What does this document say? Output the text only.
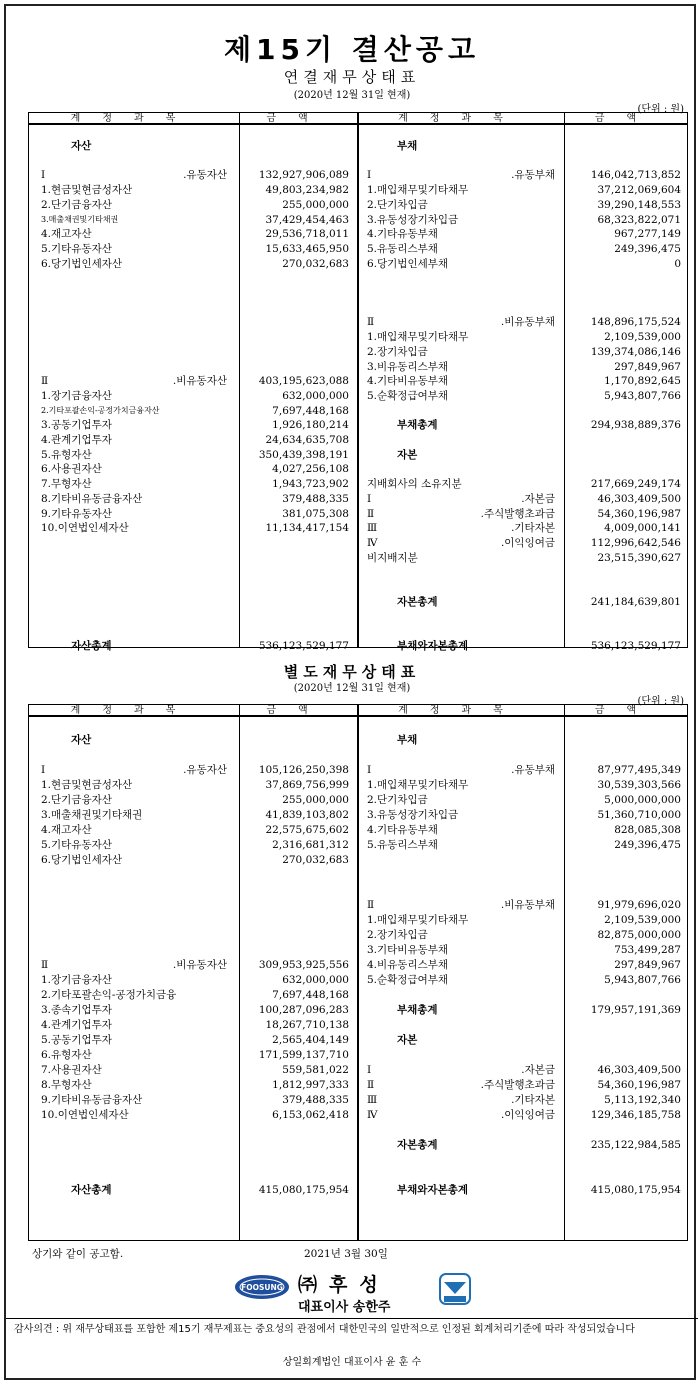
제15기 결산공고
연결재무상태표
(2020년 12월 31일 현재)
(단위 : 원)
계정과목	금액	계정과목	금액
자산
Ⅰ.유동자산	132,927,906,089
1.현금및현금성자산	49,803,234,982
2.단기금융자산	255,000,000
3.매출채권및기타채권	37,429,454,463
4.재고자산	29,536,718,011
5.기타유동자산	15,633,465,950
6.당기법인세자산	270,032,683
Ⅱ.비유동자산	403,195,623,088
1.장기금융자산	632,000,000
2.기타포괄손익-공정가치금융자산	7,697,448,168
3.공동기업투자	1,926,180,214
4.관계기업투자	24,634,635,708
5.유형자산	350,439,398,191
6.사용권자산	4,027,256,108
7.무형자산	1,943,723,902
8.기타비유동금융자산	379,488,335
9.기타유동자산	381,075,308
10.이연법인세자산	11,134,417,154
자산총계	536,123,529,177
부채
Ⅰ.유동부채	146,042,713,852
1.매입채무및기타채무	37,212,069,604
2.단기차입금	39,290,148,553
3.유동성장기차입금	68,323,822,071
4.기타유동부채	967,277,149
5.유동리스부채	249,396,475
6.당기법인세부채	0
Ⅱ.비유동부채	148,896,175,524
1.매입채무및기타채무	2,109,539,000
2.장기차입금	139,374,086,146
3.비유동리스부채	297,849,967
4.기타비유동부채	1,170,892,645
5.순확정급여부채	5,943,807,766
부채총계	294,938,889,376
자본
지배회사의 소유지분	217,669,249,174
Ⅰ.자본금	46,303,409,500
Ⅱ.주식발행초과금	54,360,196,987
Ⅲ.기타자본	4,009,000,141
Ⅳ.이익잉여금	112,996,642,546
비지배지분	23,515,390,627
자본총계	241,184,639,801
부채와자본총계	536,123,529,177
별도재무상태표
(2020년 12월 31일 현재)
(단위 : 원)
계정과목	금액	계정과목	금액
자산
Ⅰ.유동자산	105,126,250,398
1.현금및현금성자산	37,869,756,999
2.단기금융자산	255,000,000
3.매출채권및기타채권	41,839,103,802
4.재고자산	22,575,675,602
5.기타유동자산	2,316,681,312
6.당기법인세자산	270,032,683
Ⅱ.비유동자산	309,953,925,556
1.장기금융자산	632,000,000
2.기타포괄손익-공정가치금융	7,697,448,168
3.종속기업투자	100,287,096,283
4.관계기업투자	18,267,710,138
5.공동기업투자	2,565,404,149
6.유형자산	171,599,137,710
7.사용권자산	559,581,022
8.무형자산	1,812,997,333
9.기타비유동금융자산	379,488,335
10.이연법인세자산	6,153,062,418
자산총계	415,080,175,954
부채
Ⅰ.유동부채	87,977,495,349
1.매입채무및기타채무	30,539,303,566
2.단기차입금	5,000,000,000
3.유동성장기차입금	51,360,710,000
4.기타유동부채	828,085,308
5.유동리스부채	249,396,475
Ⅱ.비유동부채	91,979,696,020
1.매입채무및기타채무	2,109,539,000
2.장기차입금	82,875,000,000
3.기타비유동부채	753,499,287
4.비유동리스부채	297,849,967
5.순확정급여부채	5,943,807,766
부채총계	179,957,191,369
자본
Ⅰ.자본금	46,303,409,500
Ⅱ.주식발행초과금	54,360,196,987
Ⅲ.기타자본	5,113,192,340
Ⅳ.이익잉여금	129,346,185,758
자본총계	235,122,984,585
부채와자본총계	415,080,175,954
상기와 같이 공고함.	2021년 3월 30일
FOOSUNG ㈜후성
대표이사 송한주
감사의견 : 위 재무상태표를 포함한 제15기 재무제표는 중요성의 관점에서 대한민국의 일반적으로 인정된 회계처리기준에 따라 작성되었습니다
상일회계법인 대표이사 윤 훈 수
